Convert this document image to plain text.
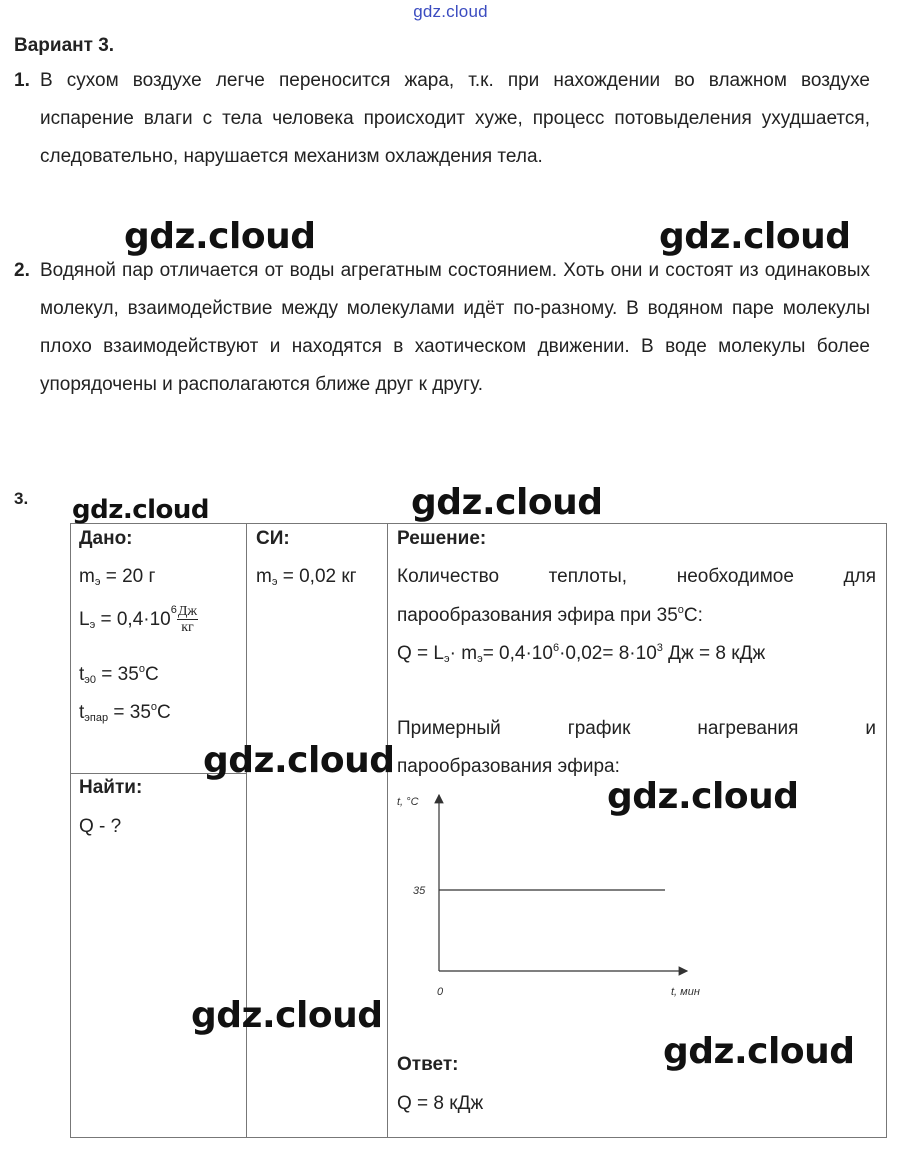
gdz.cloud
Вариант 3.
1. В сухом воздухе легче переносится жара, т.к. при нахождении во влажном воздухе испарение влаги с тела человека происходит хуже, процесс потовыделения ухудшается, следовательно, нарушается механизм охлаждения тела.
2. Водяной пар отличается от воды агрегатным состоянием. Хоть они и состоят из одинаковых молекул, взаимодействие между молекулами идёт по-разному. В водяном паре молекулы плохо взаимодействуют и находятся в хаотическом движении. В воде молекулы более упорядочены и располагаются ближе друг к другу.
3.
Дано:
$m_э = 20$ г
$L_э = 0,4\cdot 10^6 \frac{Дж}{кг}$
$t_{э0} = 35^oC$
$t_{эпар} = 35^oC$
Найти:
Q - ?
СИ:
$m_э = 0,02$ кг
Решение:
Количество теплоты, необходимое для
парообразования эфира при 35$^o$C:
$Q = L_э\cdot m_э= 0,4\cdot 10^6\cdot 0,02= 8\cdot 10^3$ Дж = 8 кДж
Примерный график нагревания и
парообразования эфира:
t, °С
t, мин
0
35
Ответ:
Q = 8 кДж
gdz.cloud	gdz.cloud
gdz.cloud	gdz.cloud
gdz.cloud
gdz.cloud
gdz.cloud
gdz.cloud
